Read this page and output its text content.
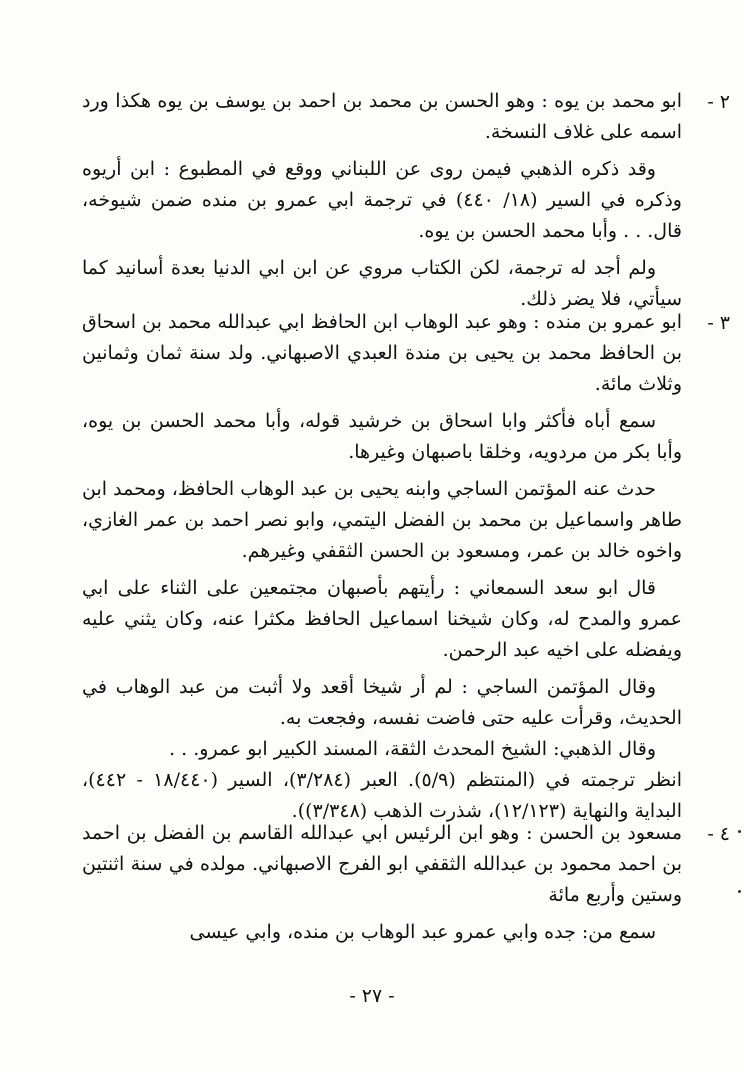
٢ -

ابو محمد بن يوه : وهو الحسن بن محمد بن احمد بن يوسف بن يوه هكذا ورد اسمه على غلاف النسخة.

وقد ذكره الذهبي فيمن روى عن اللبناني ووقع في المطبوع : ابن أريوه وذكره في السير (١٨/ ٤٤٠) في ترجمة ابي عمرو بن منده ضمن شيوخه، قال. . . وأبا محمد الحسن بن يوه.

ولم أجد له ترجمة، لكن الكتاب مروي عن ابن ابي الدنيا بعدة أسانيد كما سيأتي، فلا يضر ذلك.

٣ -

ابو عمرو بن منده : وهو عبد الوهاب ابن الحافظ ابي عبدالله محمد بن اسحاق بن الحافظ محمد بن يحيى بن مندة العبدي الاصبهاني. ولد سنة ثمان وثمانين وثلاث مائة.

سمع أباه فأكثر وابا اسحاق بن خرشيد قوله، وأبا محمد الحسن بن يوه، وأبا بكر من مردويه، وخلقا باصبهان وغيرها.

حدث عنه المؤتمن الساجي وابنه يحيى بن عبد الوهاب الحافظ، ومحمد ابن طاهر واسماعيل بن محمد بن الفضل اليتمي، وابو نصر احمد بن عمر الغازي، واخوه خالد بن عمر، ومسعود بن الحسن الثقفي وغيرهم.

قال ابو سعد السمعاني : رأيتهم بأصبهان مجتمعين على الثناء على ابي عمرو والمدح له، وكان شيخنا اسماعيل الحافظ مكثرا عنه، وكان يثني عليه ويفضله على اخيه عبد الرحمن.

وقال المؤتمن الساجي : لم أر شيخا أقعد ولا أثبت من عبد الوهاب في الحديث، وقرأت عليه حتى فاضت نفسه، وفجعت به.

وقال الذهبي: الشيخ المحدث الثقة، المسند الكبير ابو عمرو. . .

انظر ترجمته في (المنتظم (٥/٩). العبر (٣/٢٨٤)، السير (١٨/٤٤٠ - ٤٤٢)، البداية والنهاية (١٢/١٢٣)، شذرت الذهب (٣/٣٤٨)).

٤ -

مسعود بن الحسن : وهو ابن الرئيس ابي عبدالله القاسم بن الفضل بن احمد بن احمد محمود بن عبدالله الثقفي ابو الفرج الاصبهاني. مولده في سنة اثنتين وستين وأربع مائة

سمع من: جده وابي عمرو عبد الوهاب بن منده، وابي عيسى

- ٢٧ -
